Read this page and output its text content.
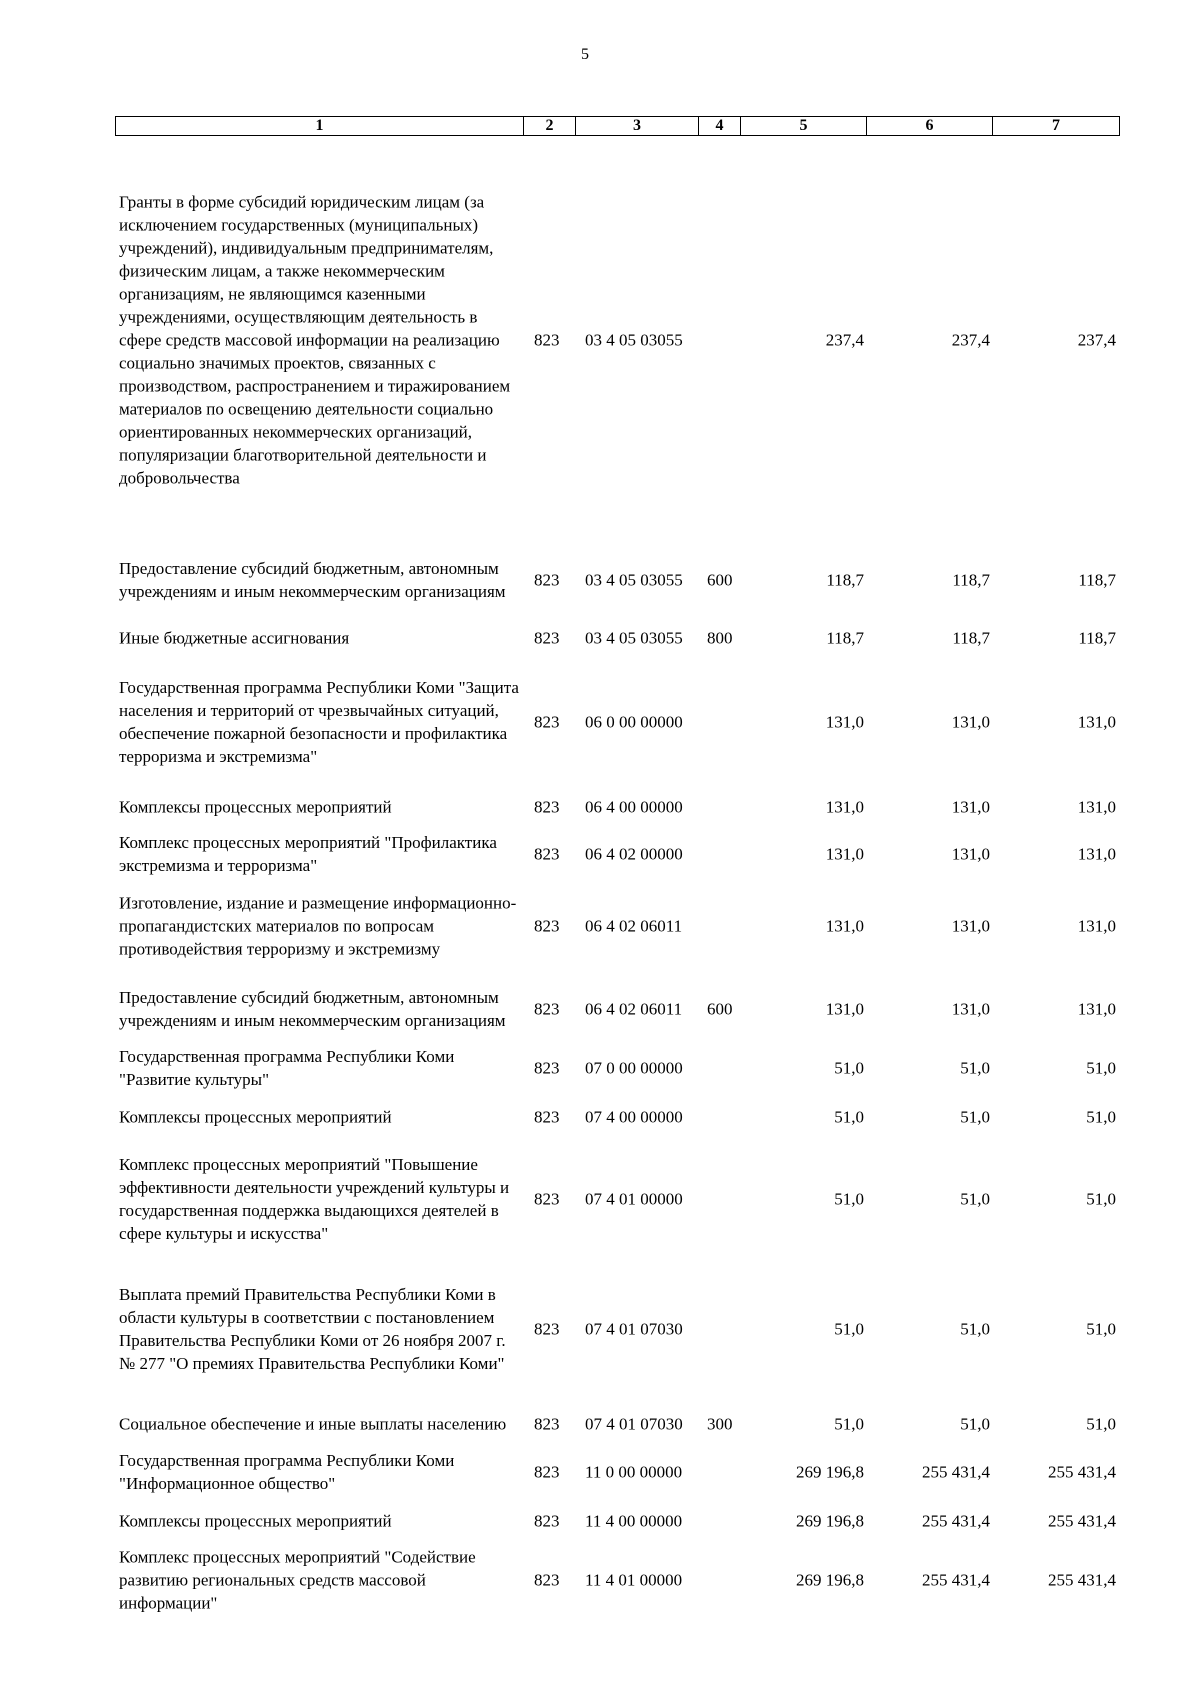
5
1	2	3	4	5	6	7
Гранты в форме субсидий юридическим лицам (за исключением государственных (муниципальных) учреждений), индивидуальным предпринимателям, физическим лицам, а также некоммерческим организациям, не являющимся казенными учреждениями, осуществляющим деятельность в сфере средств массовой информации на реализацию социально значимых проектов, связанных с производством, распространением и тиражированием материалов по освещению деятельности социально ориентированных некоммерческих организаций, популяризации благотворительной деятельности и добровольчества
823 03 4 05 03055	237,4	237,4	237,4
Предоставление субсидий бюджетным, автономным учреждениям и иным некоммерческим организациям
823 03 4 05 03055 600	118,7	118,7	118,7
Иные бюджетные ассигнования	823 03 4 05 03055 800	118,7	118,7	118,7
Государственная программа Республики Коми "Защита населения и территорий от чрезвычайных ситуаций, обеспечение пожарной безопасности и профилактика терроризма и экстремизма"
823 06 0 00 00000	131,0	131,0	131,0
Комплексы процессных мероприятий	823 06 4 00 00000	131,0	131,0	131,0
Комплекс процессных мероприятий "Профилактика экстремизма и терроризма"
823 06 4 02 00000	131,0	131,0	131,0
Изготовление, издание и размещение информационно-пропагандистских материалов по вопросам противодействия терроризму и экстремизму
823 06 4 02 06011	131,0	131,0	131,0
Предоставление субсидий бюджетным, автономным учреждениям и иным некоммерческим организациям
823 06 4 02 06011 600	131,0	131,0	131,0
Государственная программа Республики Коми "Развитие культуры"
823 07 0 00 00000	51,0	51,0	51,0
Комплексы процессных мероприятий	823 07 4 00 00000	51,0	51,0	51,0
Комплекс процессных мероприятий "Повышение эффективности деятельности учреждений культуры и государственная поддержка выдающихся деятелей в сфере культуры и искусства"
823 07 4 01 00000	51,0	51,0	51,0
Выплата премий Правительства Республики Коми в области культуры в соответствии с постановлением Правительства Республики Коми от 26 ноября 2007 г. № 277 "О премиях Правительства Республики Коми"
823 07 4 01 07030	51,0	51,0	51,0
Социальное обеспечение и иные выплаты населению	823 07 4 01 07030 300	51,0	51,0	51,0
Государственная программа Республики Коми "Информационное общество"
823 11 0 00 00000	269 196,8	255 431,4	255 431,4
Комплексы процессных мероприятий	823 11 4 00 00000	269 196,8	255 431,4	255 431,4
Комплекс процессных мероприятий "Содействие развитию региональных средств массовой информации"
823 11 4 01 00000	269 196,8	255 431,4	255 431,4
